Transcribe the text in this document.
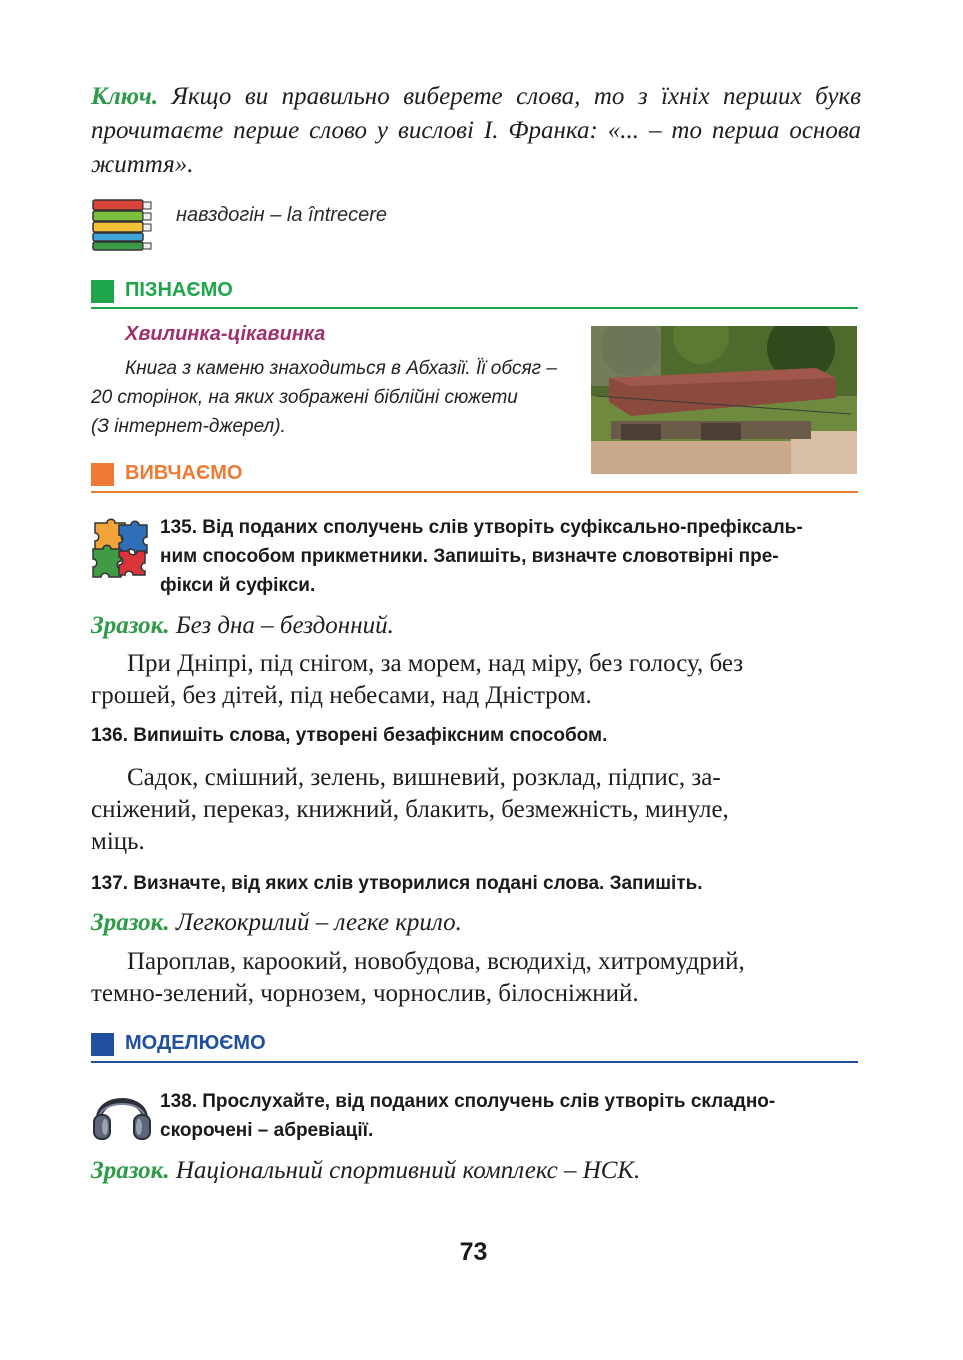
Ключ. Якщо ви правильно виберете слова, то з їхніх перших букв прочитаєте перше слово у вислові І. Франка: «... – то перша основа життя».
навздогін – la întrecere
ПІЗНАЄМО
Хвилинка-цікавинка
Книга з каменю знаходиться в Абхазії. Її обсяг –
20 сторінок, на яких зображені біблійні сюжети
(З інтернет-джерел).
ВИВЧАЄМО
135. Від поданих сполучень слів утворіть суфіксально-префіксаль-
ним способом прикметники. Запишіть, визначте словотвірні пре-
фікси й суфікси.
Зразок. Без дна – бездонний.
При Дніпрі, під снігом, за морем, над міру, без голосу, без
грошей, без дітей, під небесами, над Дністром.
136. Випишіть слова, утворені безафіксним способом.
Садок, смішний, зелень, вишневий, розклад, підпис, за-
сніжений, переказ, книжний, блакить, безмежність, минуле,
міць.
137. Визначте, від яких слів утворилися подані слова. Запишіть.
Зразок. Легкокрилий – легке крило.
Пароплав, кароокий, новобудова, всюдихід, хитромудрий,
темно-зелений, чорнозем, чорнослив, білосніжний.
МОДЕЛЮЄМО
138. Прослухайте, від поданих сполучень слів утворіть складно-
скорочені – абревіації.
Зразок. Національний спортивний комплекс – НСК.
73
